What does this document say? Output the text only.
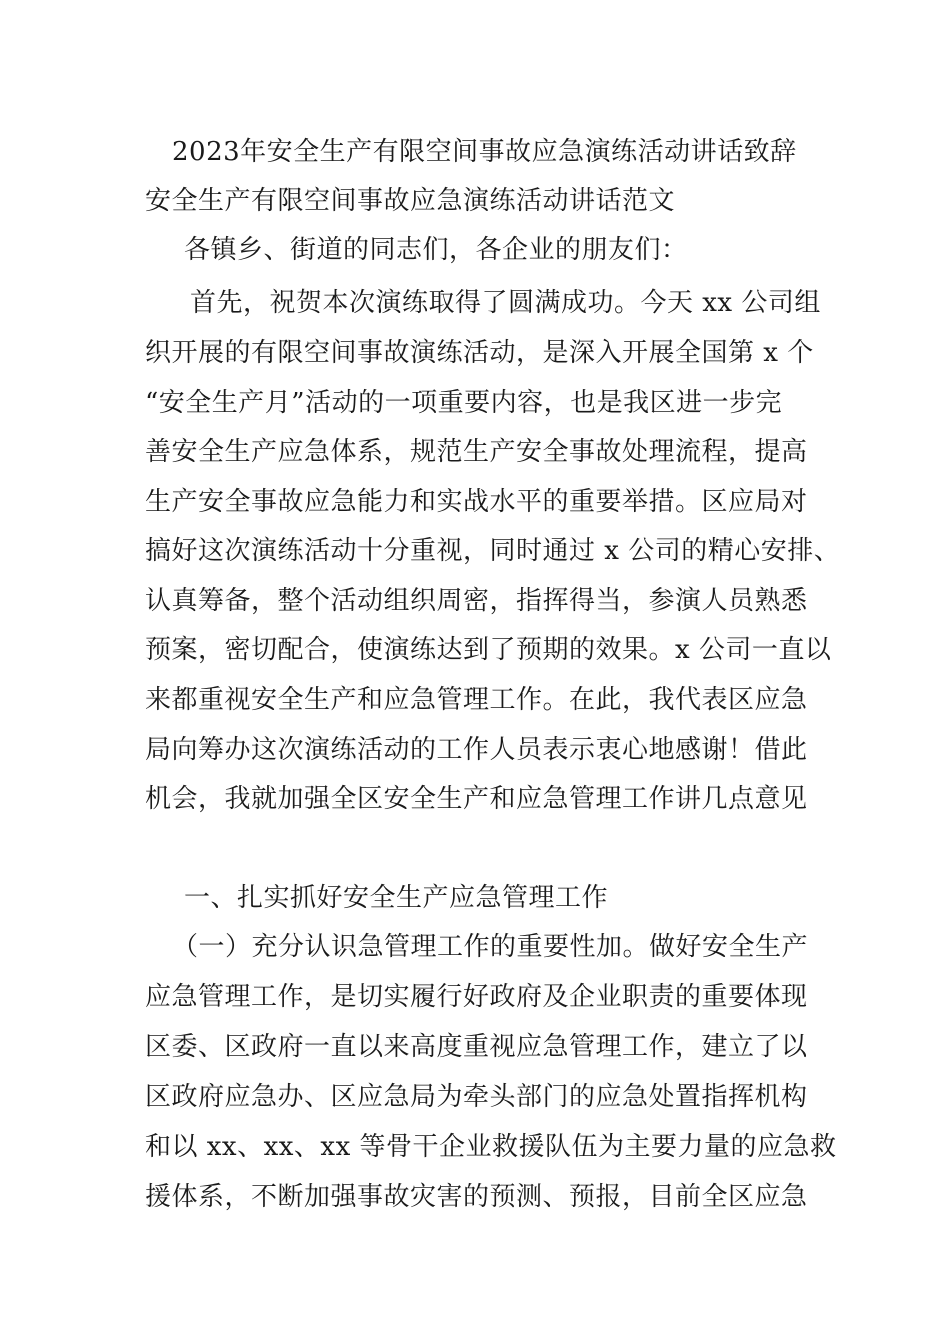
2023年安全生产有限空间事故应急演练活动讲话致辞
安全生产有限空间事故应急演练活动讲话范文
各镇乡、街道的同志们，各企业的朋友们：
首先，祝贺本次演练取得了圆满成功。今天 xx 公司组
织开展的有限空间事故演练活动，是深入开展全国第 x 个
“安全生产月”活动的一项重要内容，也是我区进一步完
善安全生产应急体系，规范生产安全事故处理流程，提高
生产安全事故应急能力和实战水平的重要举措。区应局对
搞好这次演练活动十分重视，同时通过 x 公司的精心安排、
认真筹备，整个活动组织周密，指挥得当，参演人员熟悉
预案，密切配合，使演练达到了预期的效果。x 公司一直以
来都重视安全生产和应急管理工作。在此，我代表区应急
局向筹办这次演练活动的工作人员表示衷心地感谢！借此
机会，我就加强全区安全生产和应急管理工作讲几点意见
一、扎实抓好安全生产应急管理工作
（一）充分认识急管理工作的重要性加。做好安全生产
应急管理工作，是切实履行好政府及企业职责的重要体现
区委、区政府一直以来高度重视应急管理工作，建立了以
区政府应急办、区应急局为牵头部门的应急处置指挥机构
和以 xx、xx、xx 等骨干企业救援队伍为主要力量的应急救
援体系，不断加强事故灾害的预测、预报，目前全区应急
